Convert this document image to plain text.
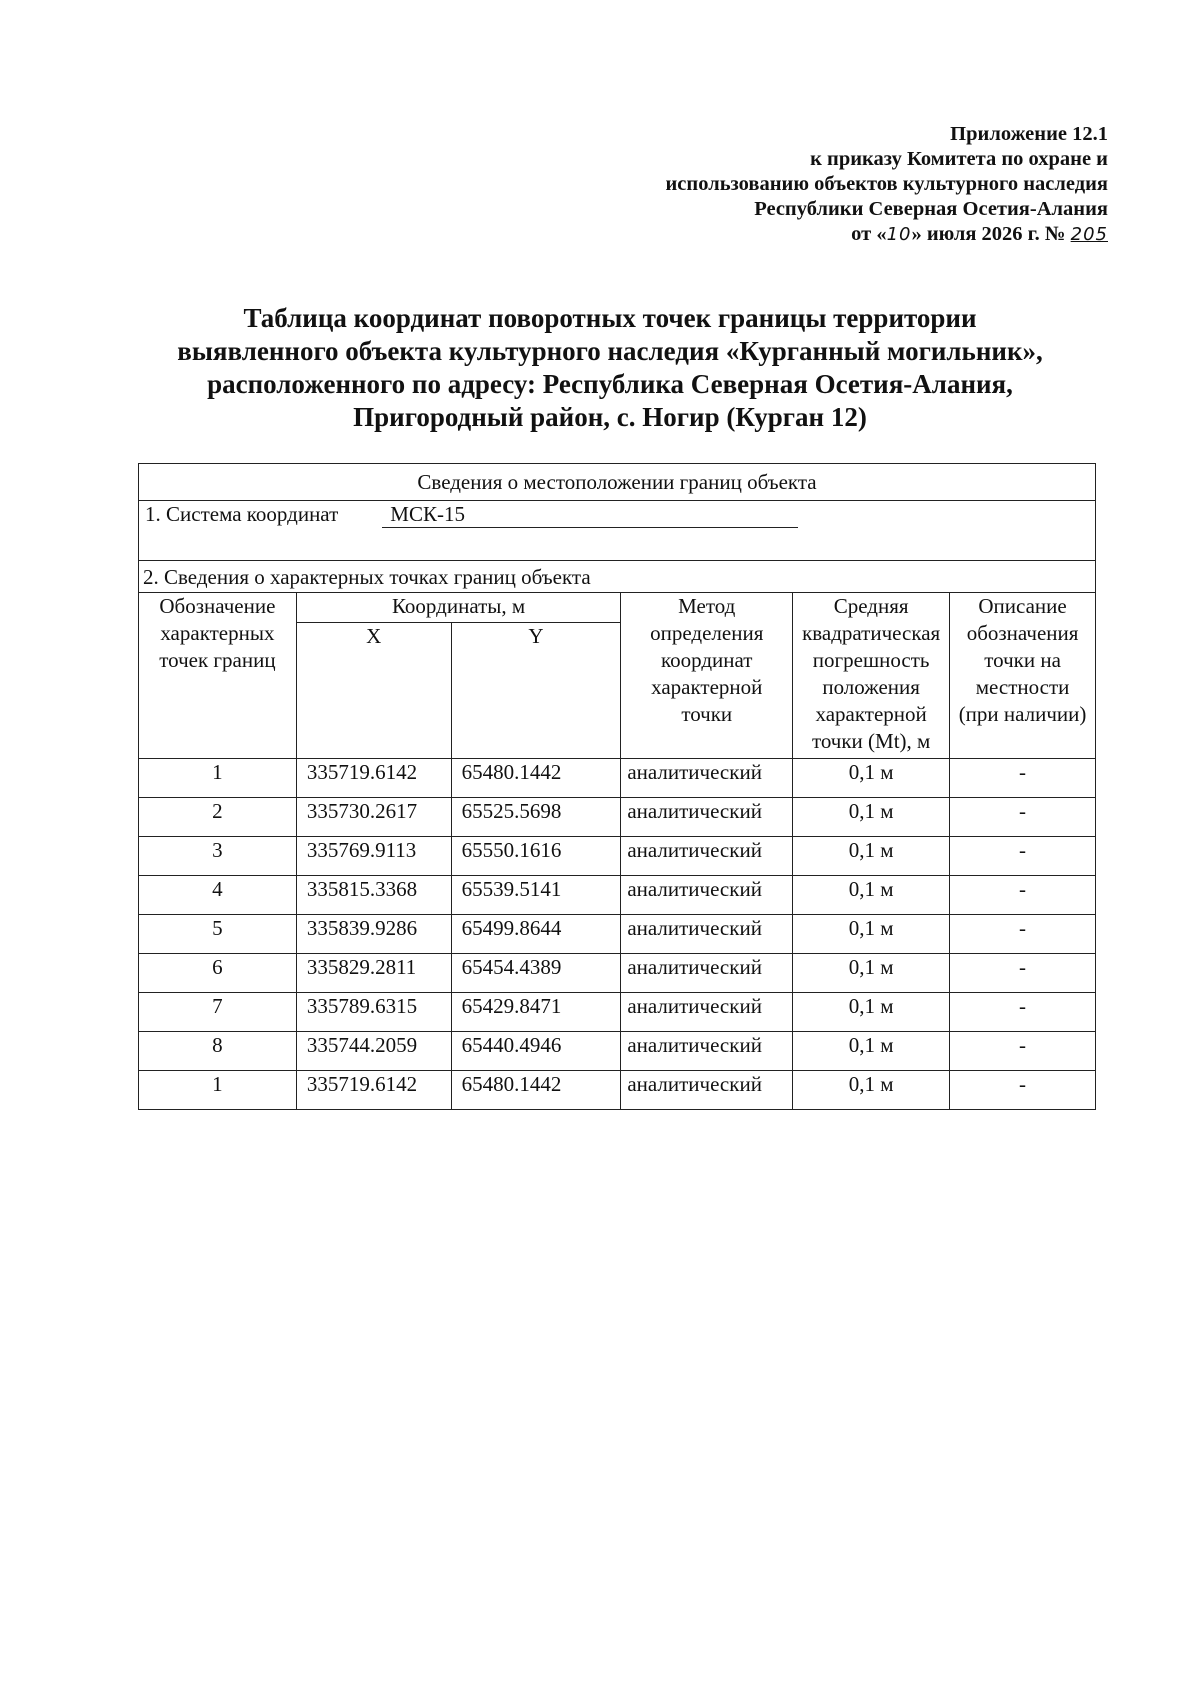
Приложение 12.1
к приказу Комитета по охране и
использованию объектов культурного наследия
Республики Северная Осетия-Алания
от «10» июля 2026 г. № 205
Таблица координат поворотных точек границы территории
выявленного объекта культурного наследия «Курганный могильник»,
расположенного по адресу: Республика Северная Осетия-Алания,
Пригородный район, с. Ногир (Курган 12)
Сведения о местоположении границ объекта					
1. Система координат МСК-15					
2. Сведения о характерных точках границ объекта					
Обозначение характерных точек границ	Координаты, м		Метод определения координат характерной точки	Средняя квадратическая погрешность положения характерной точки (Mt), м	Описание обозначения точки на местности (при наличии)
	X	Y			
1	335719.6142	65480.1442	аналитический	0,1 м	-
2	335730.2617	65525.5698	аналитический	0,1 м	-
3	335769.9113	65550.1616	аналитический	0,1 м	-
4	335815.3368	65539.5141	аналитический	0,1 м	-
5	335839.9286	65499.8644	аналитический	0,1 м	-
6	335829.2811	65454.4389	аналитический	0,1 м	-
7	335789.6315	65429.8471	аналитический	0,1 м	-
8	335744.2059	65440.4946	аналитический	0,1 м	-
1	335719.6142	65480.1442	аналитический	0,1 м	-
